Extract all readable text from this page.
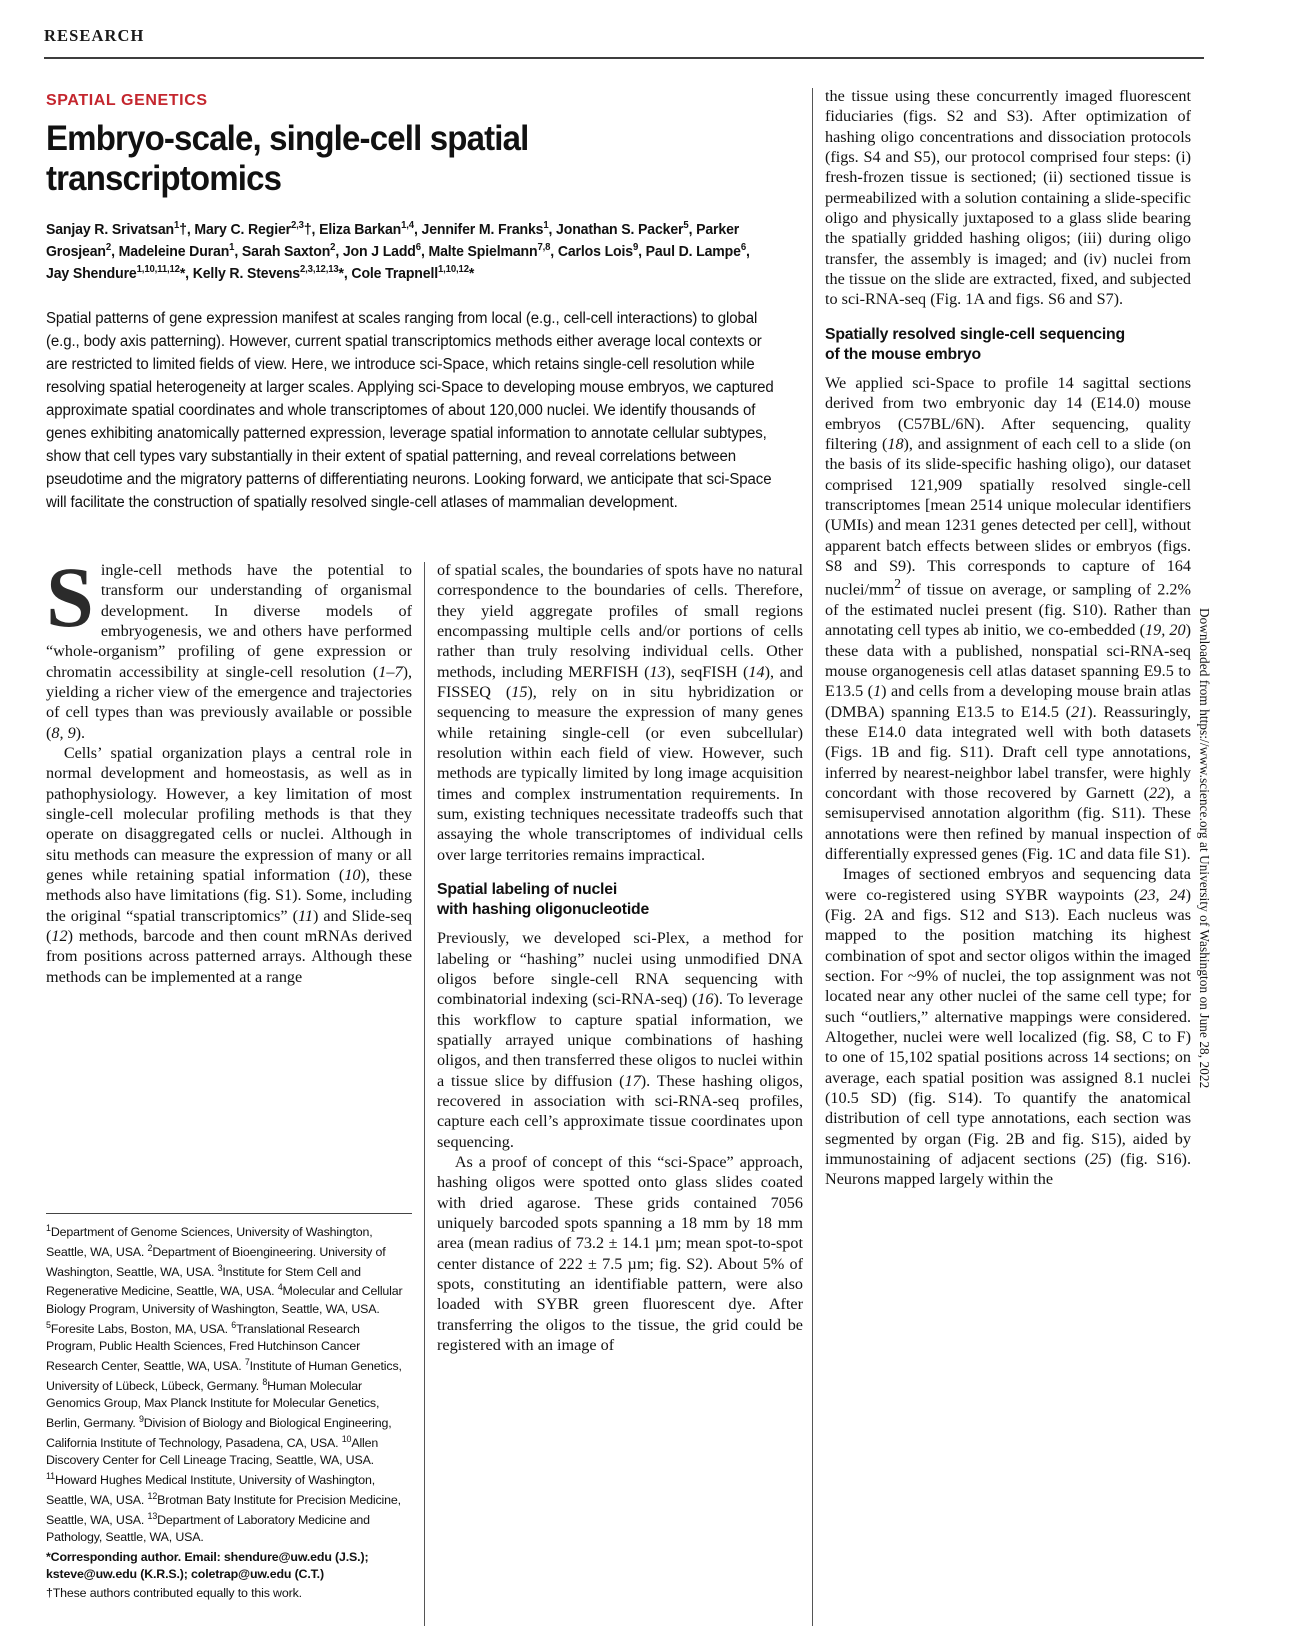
RESEARCH
SPATIAL GENETICS
Embryo-scale, single-cell spatial transcriptomics
Sanjay R. Srivatsan$^1$†, Mary C. Regier$^{2,3}$†, Eliza Barkan$^{1,4}$, Jennifer M. Franks$^1$, Jonathan S. Packer$^5$, Parker Grosjean$^2$, Madeleine Duran$^1$, Sarah Saxton$^2$, Jon J Ladd$^6$, Malte Spielmann$^{7,8}$, Carlos Lois$^9$, Paul D. Lampe$^6$, Jay Shendure$^{1,10,11,12}$*, Kelly R. Stevens$^{2,3,12,13}$*, Cole Trapnell$^{1,10,12}$*
Spatial patterns of gene expression manifest at scales ranging from local (e.g., cell-cell interactions) to global (e.g., body axis patterning). However, current spatial transcriptomics methods either average local contexts or are restricted to limited fields of view. Here, we introduce sci-Space, which retains single-cell resolution while resolving spatial heterogeneity at larger scales. Applying sci-Space to developing mouse embryos, we captured approximate spatial coordinates and whole transcriptomes of about 120,000 nuclei. We identify thousands of genes exhibiting anatomically patterned expression, leverage spatial information to annotate cellular subtypes, show that cell types vary substantially in their extent of spatial patterning, and reveal correlations between pseudotime and the migratory patterns of differentiating neurons. Looking forward, we anticipate that sci-Space will facilitate the construction of spatially resolved single-cell atlases of mammalian development.

Single-cell methods have the potential to transform our understanding of organismal development. In diverse models of embryogenesis, we and others have performed “whole-organism” profiling of gene expression or chromatin accessibility at single-cell resolution (1–7), yielding a richer view of the emergence and trajectories of cell types than was previously available or possible (8, 9).

Cells’ spatial organization plays a central role in normal development and homeostasis, as well as in pathophysiology. However, a key limitation of most single-cell molecular profiling methods is that they operate on disaggregated cells or nuclei. Although in situ methods can measure the expression of many or all genes while retaining spatial information (10), these methods also have limitations (fig. S1). Some, including the original “spatial transcriptomics” (11) and Slide-seq (12) methods, barcode and then count mRNAs derived from positions across patterned arrays. Although these methods can be implemented at a range

of spatial scales, the boundaries of spots have no natural correspondence to the boundaries of cells. Therefore, they yield aggregate profiles of small regions encompassing multiple cells and/or portions of cells rather than truly resolving individual cells. Other methods, including MERFISH (13), seqFISH (14), and FISSEQ (15), rely on in situ hybridization or sequencing to measure the expression of many genes while retaining single-cell (or even subcellular) resolution within each field of view. However, such methods are typically limited by long image acquisition times and complex instrumentation requirements. In sum, existing techniques necessitate tradeoffs such that assaying the whole transcriptomes of individual cells over large territories remains impractical.

Spatial labeling of nuclei
with hashing oligonucleotide

Previously, we developed sci-Plex, a method for labeling or “hashing” nuclei using unmodified DNA oligos before single-cell RNA sequencing with combinatorial indexing (sci-RNA-seq) (16). To leverage this workflow to capture spatial information, we spatially arrayed unique combinations of hashing oligos, and then transferred these oligos to nuclei within a tissue slice by diffusion (17). These hashing oligos, recovered in association with sci-RNA-seq profiles, capture each cell’s approximate tissue coordinates upon sequencing.

As a proof of concept of this “sci-Space” approach, hashing oligos were spotted onto glass slides coated with dried agarose. These grids contained 7056 uniquely barcoded spots spanning a 18 mm by 18 mm area (mean radius of 73.2 ± 14.1 µm; mean spot-to-spot center distance of 222 ± 7.5 µm; fig. S2). About 5% of spots, constituting an identifiable pattern, were also loaded with SYBR green fluorescent dye. After transferring the oligos to the tissue, the grid could be registered with an image of

the tissue using these concurrently imaged fluorescent fiduciaries (figs. S2 and S3). After optimization of hashing oligo concentrations and dissociation protocols (figs. S4 and S5), our protocol comprised four steps: (i) fresh-frozen tissue is sectioned; (ii) sectioned tissue is permeabilized with a solution containing a slide-specific oligo and physically juxtaposed to a glass slide bearing the spatially gridded hashing oligos; (iii) during oligo transfer, the assembly is imaged; and (iv) nuclei from the tissue on the slide are extracted, fixed, and subjected to sci-RNA-seq (Fig. 1A and figs. S6 and S7).

Spatially resolved single-cell sequencing
of the mouse embryo

We applied sci-Space to profile 14 sagittal sections derived from two embryonic day 14 (E14.0) mouse embryos (C57BL/6N). After sequencing, quality filtering (18), and assignment of each cell to a slide (on the basis of its slide-specific hashing oligo), our dataset comprised 121,909 spatially resolved single-cell transcriptomes [mean 2514 unique molecular identifiers (UMIs) and mean 1231 genes detected per cell], without apparent batch effects between slides or embryos (figs. S8 and S9). This corresponds to capture of 164 nuclei/$mm^2$ of tissue on average, or sampling of 2.2% of the estimated nuclei present (fig. S10). Rather than annotating cell types ab initio, we co-embedded (19, 20) these data with a published, nonspatial sci-RNA-seq mouse organogenesis cell atlas dataset spanning E9.5 to E13.5 (1) and cells from a developing mouse brain atlas (DMBA) spanning E13.5 to E14.5 (21). Reassuringly, these E14.0 data integrated well with both datasets (Figs. 1B and fig. S11). Draft cell type annotations, inferred by nearest-neighbor label transfer, were highly concordant with those recovered by Garnett (22), a semisupervised annotation algorithm (fig. S11). These annotations were then refined by manual inspection of differentially expressed genes (Fig. 1C and data file S1).

Images of sectioned embryos and sequencing data were co-registered using SYBR waypoints (23, 24) (Fig. 2A and figs. S12 and S13). Each nucleus was mapped to the position matching its highest combination of spot and sector oligos within the imaged section. For ~9% of nuclei, the top assignment was not located near any other nuclei of the same cell type; for such “outliers,” alternative mappings were considered. Altogether, nuclei were well localized (fig. S8, C to F) to one of 15,102 spatial positions across 14 sections; on average, each spatial position was assigned 8.1 nuclei (10.5 SD) (fig. S14). To quantify the anatomical distribution of cell type annotations, each section was segmented by organ (Fig. 2B and fig. S15), aided by immunostaining of adjacent sections (25) (fig. S16). Neurons mapped largely within the

$^1$Department of Genome Sciences, University of Washington, Seattle, WA, USA. $^2$Department of Bioengineering. University of Washington, Seattle, WA, USA. $^3$Institute for Stem Cell and Regenerative Medicine, Seattle, WA, USA. $^4$Molecular and Cellular Biology Program, University of Washington, Seattle, WA, USA. $^5$Foresite Labs, Boston, MA, USA. $^6$Translational Research Program, Public Health Sciences, Fred Hutchinson Cancer Research Center, Seattle, WA, USA. $^7$Institute of Human Genetics, University of Lübeck, Lübeck, Germany. $^8$Human Molecular Genomics Group, Max Planck Institute for Molecular Genetics, Berlin, Germany. $^9$Division of Biology and Biological Engineering, California Institute of Technology, Pasadena, CA, USA. $^{10}$Allen Discovery Center for Cell Lineage Tracing, Seattle, WA, USA. $^{11}$Howard Hughes Medical Institute, University of Washington, Seattle, WA, USA. $^{12}$Brotman Baty Institute for Precision Medicine, Seattle, WA, USA. $^{13}$Department of Laboratory Medicine and Pathology, Seattle, WA, USA.
*Corresponding author. Email: shendure@uw.edu (J.S.); ksteve@uw.edu (K.R.S.); coletrap@uw.edu (C.T.)
†These authors contributed equally to this work.
Downloaded from https://www.science.org at University of Washington on June 28, 2022
